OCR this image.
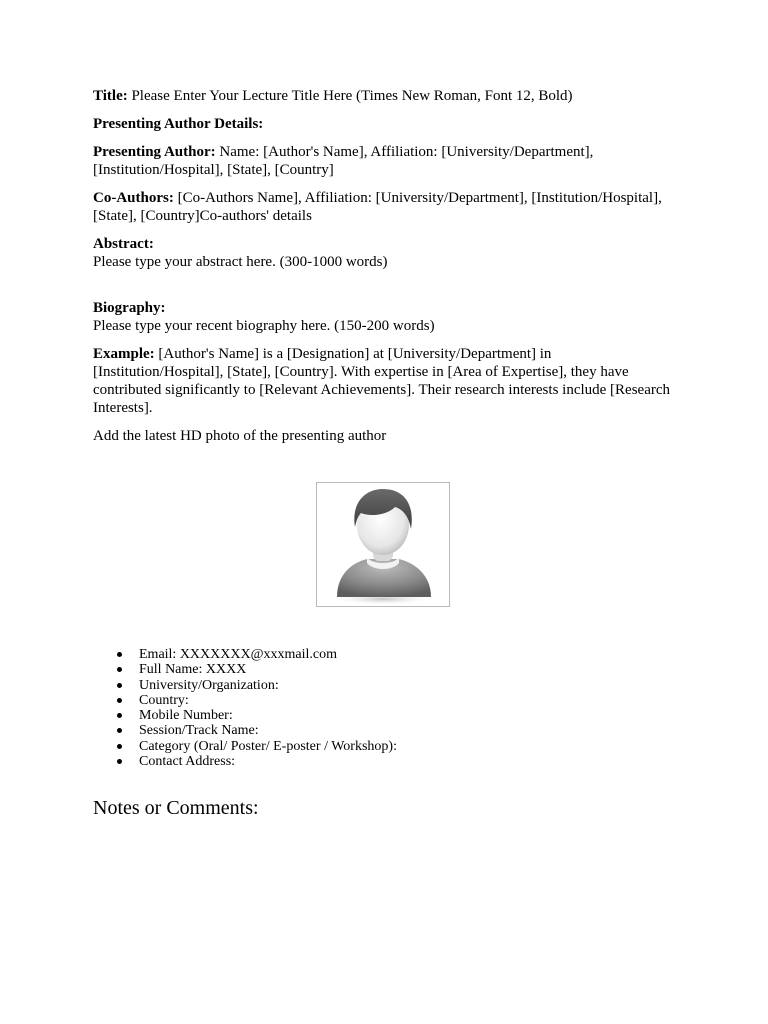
Title: Please Enter Your Lecture Title Here (Times New Roman, Font 12, Bold)

Presenting Author Details:

Presenting Author: Name: [Author's Name], Affiliation: [University/Department], [Institution/Hospital], [State], [Country]

Co-Authors: [Co-Authors Name], Affiliation: [University/Department], [Institution/Hospital], [State], [Country]Co-authors' details

Abstract:

Please type your abstract here. (300-1000 words)

Biography:

Please type your recent biography here. (150-200 words)

Example: [Author's Name] is a [Designation] at [University/Department] in [Institution/Hospital], [State], [Country]. With expertise in [Area of Expertise], they have contributed significantly to [Relevant Achievements]. Their research interests include [Research Interests].

Add the latest HD photo of the presenting author

Email: XXXXXXX@xxxmail.com
Full Name: XXXX
University/Organization:
Country:
Mobile Number:
Session/Track Name:
Category (Oral/ Poster/ E-poster / Workshop):
Contact Address:
Notes or Comments:
